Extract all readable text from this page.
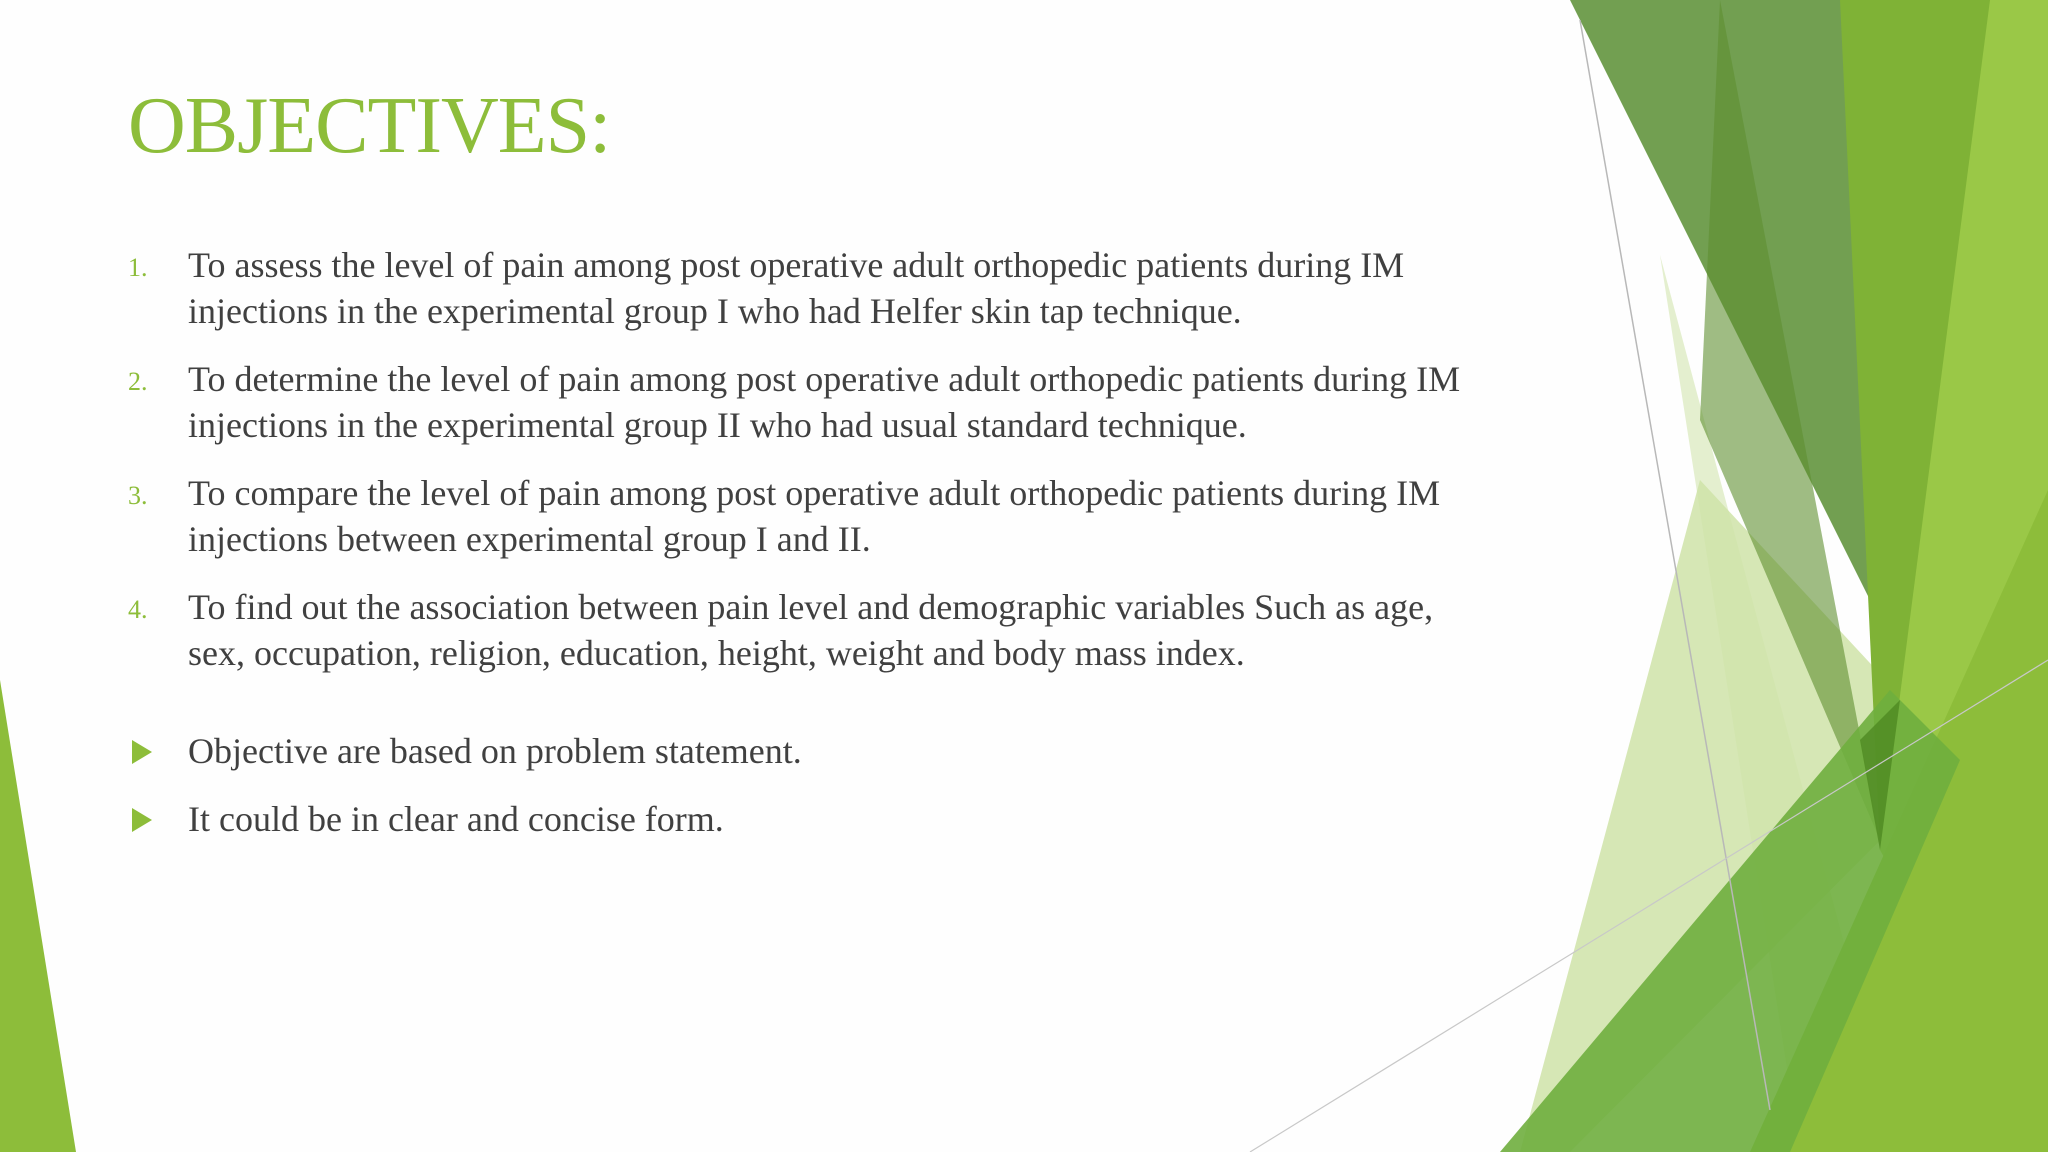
OBJECTIVES:
1. To assess the level of pain among post operative adult orthopedic patients during IM injections in the experimental group I who had Helfer skin tap technique.
2. To determine the level of pain among post operative adult orthopedic patients during IM injections in the experimental group II who had usual standard technique.
3. To compare the level of pain among post operative adult orthopedic patients during IM injections between experimental group I and II.
4. To find out the association between pain level and demographic variables Such as age, sex, occupation, religion, education, height, weight and body mass index.
Objective are based on problem statement.
It could be in clear and concise form.
